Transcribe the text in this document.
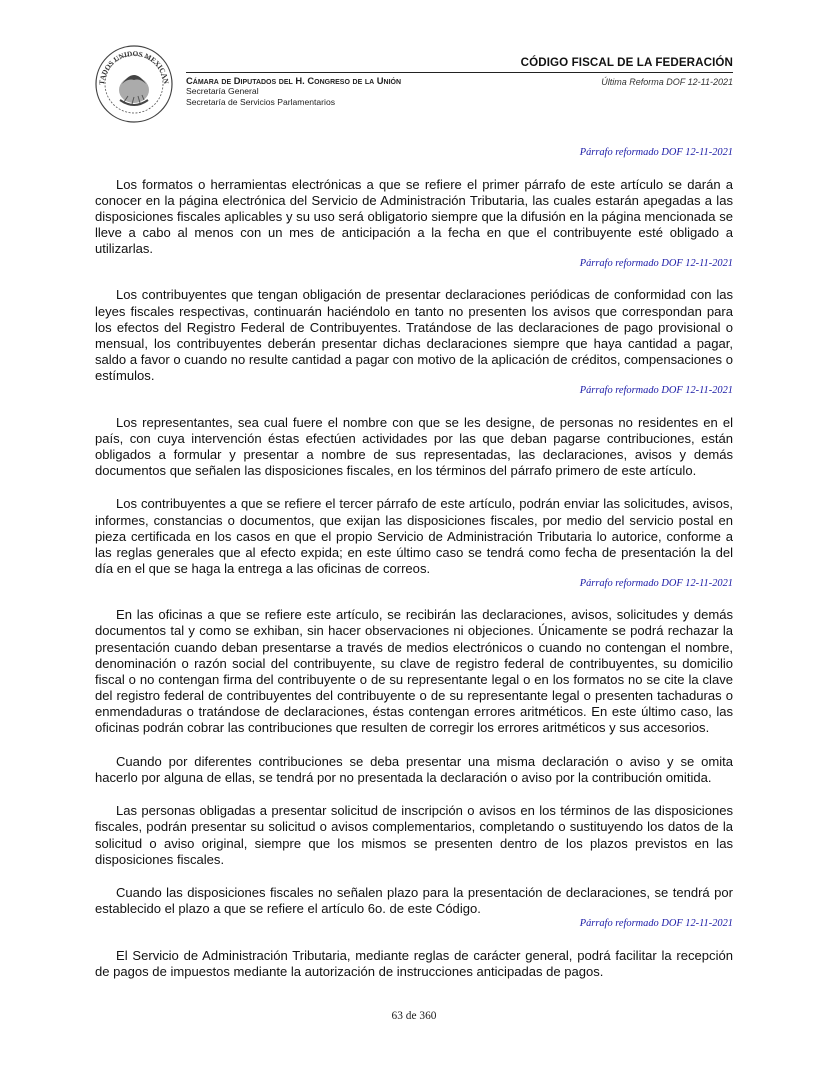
TADOS UNIDOS MEXICAN Cámara de Diputados del H. Congreso de la Unión
Secretaría General
Secretaría de Servicios Parlamentarios
CÓDIGO FISCAL DE LA FEDERACIÓN
Última Reforma DOF 12-11-2021
Párrafo reformado DOF 12-11-2021
Los formatos o herramientas electrónicas a que se refiere el primer párrafo de este artículo se darán a conocer en la página electrónica del Servicio de Administración Tributaria, las cuales estarán apegadas a las disposiciones fiscales aplicables y su uso será obligatorio siempre que la difusión en la página mencionada se lleve a cabo al menos con un mes de anticipación a la fecha en que el contribuyente esté obligado a utilizarlas.
Párrafo reformado DOF 12-11-2021
Los contribuyentes que tengan obligación de presentar declaraciones periódicas de conformidad con las leyes fiscales respectivas, continuarán haciéndolo en tanto no presenten los avisos que correspondan para los efectos del Registro Federal de Contribuyentes. Tratándose de las declaraciones de pago provisional o mensual, los contribuyentes deberán presentar dichas declaraciones siempre que haya cantidad a pagar, saldo a favor o cuando no resulte cantidad a pagar con motivo de la aplicación de créditos, compensaciones o estímulos.
Párrafo reformado DOF 12-11-2021
Los representantes, sea cual fuere el nombre con que se les designe, de personas no residentes en el país, con cuya intervención éstas efectúen actividades por las que deban pagarse contribuciones, están obligados a formular y presentar a nombre de sus representadas, las declaraciones, avisos y demás documentos que señalen las disposiciones fiscales, en los términos del párrafo primero de este artículo.
Los contribuyentes a que se refiere el tercer párrafo de este artículo, podrán enviar las solicitudes, avisos, informes, constancias o documentos, que exijan las disposiciones fiscales, por medio del servicio postal en pieza certificada en los casos en que el propio Servicio de Administración Tributaria lo autorice, conforme a las reglas generales que al efecto expida; en este último caso se tendrá como fecha de presentación la del día en el que se haga la entrega a las oficinas de correos.
Párrafo reformado DOF 12-11-2021
En las oficinas a que se refiere este artículo, se recibirán las declaraciones, avisos, solicitudes y demás documentos tal y como se exhiban, sin hacer observaciones ni objeciones. Únicamente se podrá rechazar la presentación cuando deban presentarse a través de medios electrónicos o cuando no contengan el nombre, denominación o razón social del contribuyente, su clave de registro federal de contribuyentes, su domicilio fiscal o no contengan firma del contribuyente o de su representante legal o en los formatos no se cite la clave del registro federal de contribuyentes del contribuyente o de su representante legal o presenten tachaduras o enmendaduras o tratándose de declaraciones, éstas contengan errores aritméticos. En este último caso, las oficinas podrán cobrar las contribuciones que resulten de corregir los errores aritméticos y sus accesorios.
Cuando por diferentes contribuciones se deba presentar una misma declaración o aviso y se omita hacerlo por alguna de ellas, se tendrá por no presentada la declaración o aviso por la contribución omitida.
Las personas obligadas a presentar solicitud de inscripción o avisos en los términos de las disposiciones fiscales, podrán presentar su solicitud o avisos complementarios, completando o sustituyendo los datos de la solicitud o aviso original, siempre que los mismos se presenten dentro de los plazos previstos en las disposiciones fiscales.
Cuando las disposiciones fiscales no señalen plazo para la presentación de declaraciones, se tendrá por establecido el plazo a que se refiere el artículo 6o. de este Código.
Párrafo reformado DOF 12-11-2021
El Servicio de Administración Tributaria, mediante reglas de carácter general, podrá facilitar la recepción de pagos de impuestos mediante la autorización de instrucciones anticipadas de pagos.
63 de 360
